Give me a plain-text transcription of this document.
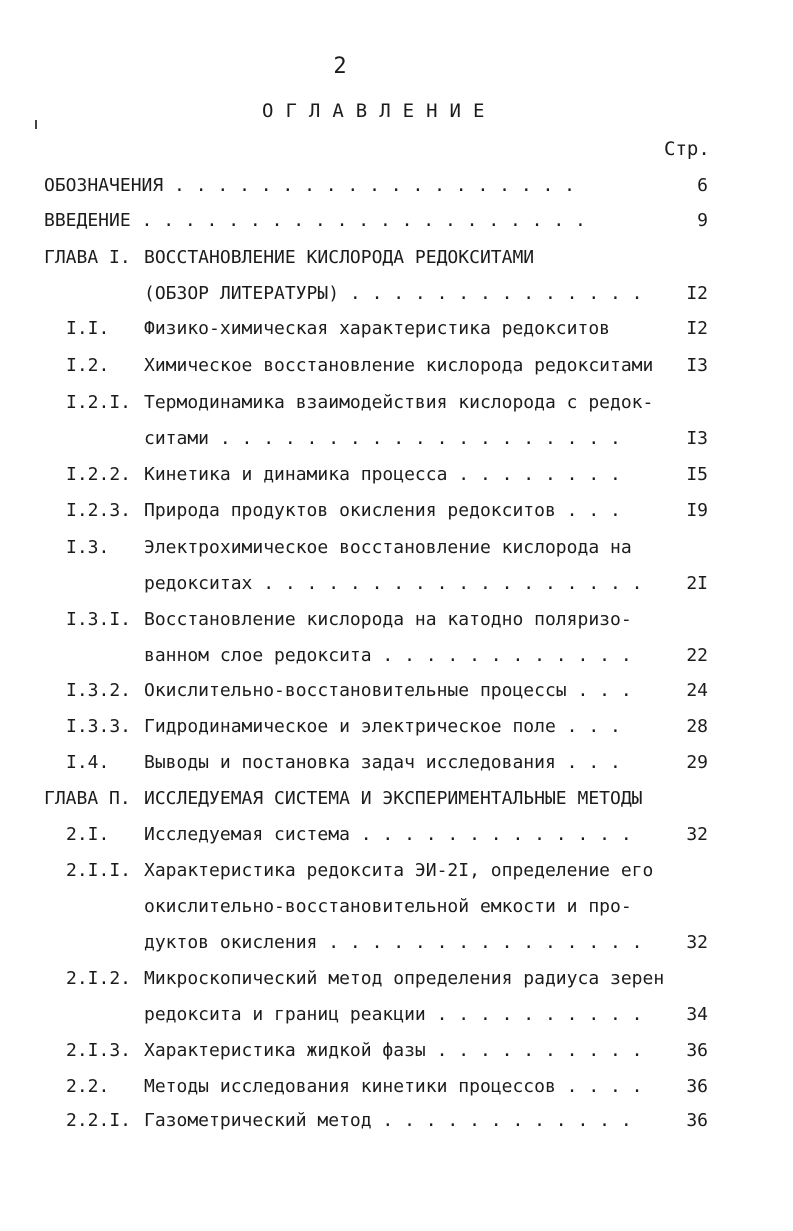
2
ОГЛАВЛЕНИЕ
Стр.
ОБОЗНАЧЕНИЯ . . . . . . . . . . . . . . . . . . .	6
ВВЕДЕНИЕ . . . . . . . . . . . . . . . . . . . . .	9
ГЛАВА I. ВОССТАНОВЛЕНИЕ КИСЛОРОДА РЕДОКСИТАМИ
(ОБЗОР ЛИТЕРАТУРЫ) . . . . . . . . . . . . . .	I2
I.I. Физико-химическая характеристика редокситов	I2
I.2. Химическое восстановление кислорода редокситами	I3
I.2.I. Термодинамика взаимодействия кислорода с редок-
ситами . . . . . . . . . . . . . . . . . . .	I3
I.2.2. Кинетика и динамика процесса . . . . . . . .	I5
I.2.3. Природа продуктов окисления редокситов . . .	I9
I.3. Электрохимическое восстановление кислорода на
редокситах . . . . . . . . . . . . . . . . . .	2I
I.3.I. Восстановление кислорода на катодно поляризо-
ванном слое редоксита . . . . . . . . . . . .	22
I.3.2. Окислительно-восстановительные процессы . . .	24
I.3.3. Гидродинамическое и электрическое поле . . .	28
I.4. Выводы и постановка задач исследования . . .	29
ГЛАВА П. ИССЛЕДУЕМАЯ СИСТЕМА И ЭКСПЕРИМЕНТАЛЬНЫЕ МЕТОДЫ
2.I. Исследуемая система . . . . . . . . . . . . .	32
2.I.I. Характеристика редоксита ЭИ-2I, определение его
окислительно-восстановительной емкости и про-
дуктов окисления . . . . . . . . . . . . . . .	32
2.I.2. Микроскопический метод определения радиуса зерен
редоксита и границ реакции . . . . . . . . . .	34
2.I.3. Характеристика жидкой фазы . . . . . . . . . .	36
2.2. Методы исследования кинетики процессов . . . .	36
2.2.I. Газометрический метод . . . . . . . . . . . .	36
